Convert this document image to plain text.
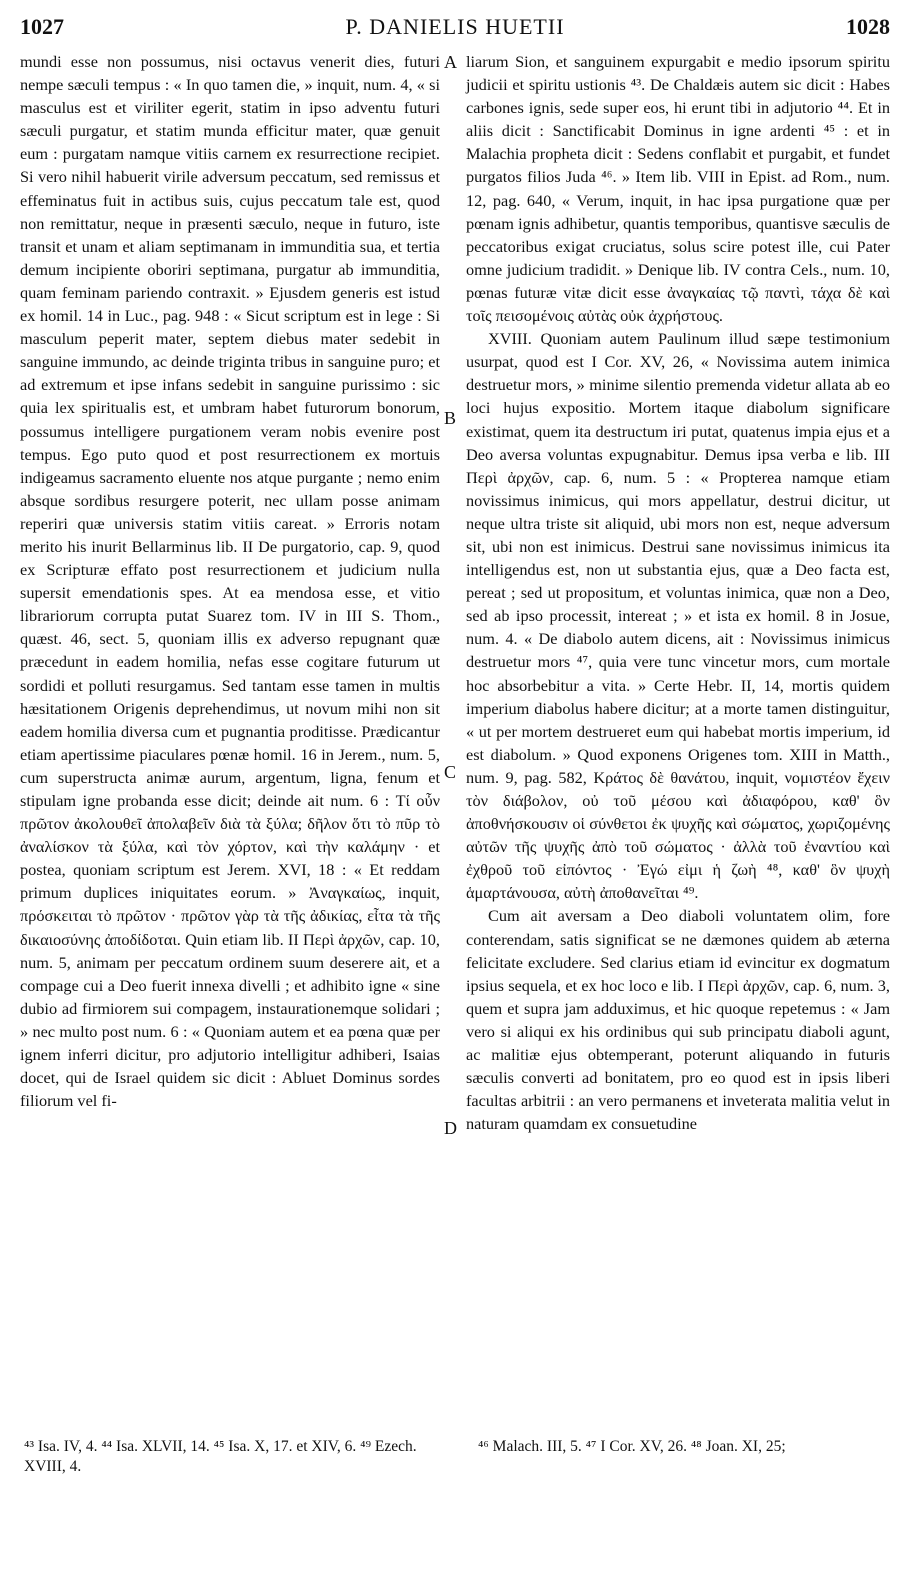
1027	P. DANIELIS HUETII	1028

mundi esse non possumus, nisi octavus venerit dies, futuri nempe sæculi tempus : « In quo tamen die, » inquit, num. 4, « si masculus est et viriliter egerit, statim in ipso adventu futuri sæculi purgatur, et statim munda efficitur mater, quæ genuit eum : purgatam namque vitiis carnem ex resurrectione recipiet. Si vero nihil habuerit virile adversum peccatum, sed remissus et effeminatus fuit in actibus suis, cujus peccatum tale est, quod non remittatur, neque in præsenti sæculo, neque in futuro, iste transit et unam et aliam septimanam in immunditia sua, et tertia demum incipiente oboriri septimana, purgatur ab immunditia, quam feminam pariendo contraxit. » Ejusdem generis est istud ex homil. 14 in Luc., pag. 948 : « Sicut scriptum est in lege : Si masculum peperit mater, septem diebus mater sedebit in sanguine immundo, ac deinde triginta tribus in sanguine puro; et ad extremum et ipse infans sedebit in sanguine purissimo : sic quia lex spiritualis est, et umbram habet futurorum bonorum, possumus intelligere purgationem veram nobis evenire post tempus. Ego puto quod et post resurrectionem ex mortuis indigeamus sacramento eluente nos atque purgante ; nemo enim absque sordibus resurgere poterit, nec ullam posse animam reperiri quæ universis statim vitiis careat. » Erroris notam merito his inurit Bellarminus lib. II De purgatorio, cap. 9, quod ex Scripturæ effato post resurrectionem et judicium nulla supersit emendationis spes. At ea mendosa esse, et vitio librariorum corrupta putat Suarez tom. IV in III S. Thom., quæst. 46, sect. 5, quoniam illis ex adverso repugnant quæ præcedunt in eadem homilia, nefas esse cogitare futurum ut sordidi et polluti resurgamus. Sed tantam esse tamen in multis hæsitationem Origenis deprehendimus, ut novum mihi non sit eadem homilia diversa cum et pugnantia proditisse. Prædicantur etiam apertissime piaculares pœnæ homil. 16 in Jerem., num. 5, cum superstructa animæ aurum, argentum, ligna, fenum et stipulam igne probanda esse dicit; deinde ait num. 6 : Τί οὖν πρῶτον ἀκολουθεῖ ἀπολαβεῖν διὰ τὰ ξύλα; δῆλον ὅτι τὸ πῦρ τὸ ἀναλίσκον τὰ ξύλα, καὶ τὸν χόρτον, καὶ τὴν καλάμην · et postea, quoniam scriptum est Jerem. XVI, 18 : « Et reddam primum duplices iniquitates eorum. » Ἀναγκαίως, inquit, πρόσκειται τὸ πρῶτον · πρῶτον γὰρ τὰ τῆς ἀδικίας, εἶτα τὰ τῆς δικαιοσύνης ἀποδίδοται. Quin etiam lib. II Περὶ ἀρχῶν, cap. 10, num. 5, animam per peccatum ordinem suum deserere ait, et a compage cui a Deo fuerit innexa divelli ; et adhibito igne « sine dubio ad firmiorem sui compagem, instaurationemque solidari ; » nec multo post num. 6 : « Quoniam autem et ea pœna quæ per ignem inferri dicitur, pro adjutorio intelligitur adhiberi, Isaias docet, qui de Israel quidem sic dicit : Abluet Dominus sordes filiorum vel fi-

A
B
C
D

liarum Sion, et sanguinem expurgabit e medio ipsorum spiritu judicii et spiritu ustionis ⁴³. De Chaldæis autem sic dicit : Habes carbones ignis, sede super eos, hi erunt tibi in adjutorio ⁴⁴. Et in aliis dicit : Sanctificabit Dominus in igne ardenti ⁴⁵ : et in Malachia propheta dicit : Sedens conflabit et purgabit, et fundet purgatos filios Juda ⁴⁶. » Item lib. VIII in Epist. ad Rom., num. 12, pag. 640, « Verum, inquit, in hac ipsa purgatione quæ per pœnam ignis adhibetur, quantis temporibus, quantisve sæculis de peccatoribus exigat cruciatus, solus scire potest ille, cui Pater omne judicium tradidit. » Denique lib. IV contra Cels., num. 10, pœnas futuræ vitæ dicit esse ἀναγκαίας τῷ παντὶ, τάχα δὲ καὶ τοῖς πεισομένοις αὐτὰς οὐκ ἀχρήστους.

XVIII. Quoniam autem Paulinum illud sæpe testimonium usurpat, quod est I Cor. XV, 26, « Novissima autem inimica destruetur mors, » minime silentio premenda videtur allata ab eo loci hujus expositio. Mortem itaque diabolum significare existimat, quem ita destructum iri putat, quatenus impia ejus et a Deo aversa voluntas expugnabitur. Demus ipsa verba e lib. III Περὶ ἀρχῶν, cap. 6, num. 5 : « Propterea namque etiam novissimus inimicus, qui mors appellatur, destrui dicitur, ut neque ultra triste sit aliquid, ubi mors non est, neque adversum sit, ubi non est inimicus. Destrui sane novissimus inimicus ita intelligendus est, non ut substantia ejus, quæ a Deo facta est, pereat ; sed ut propositum, et voluntas inimica, quæ non a Deo, sed ab ipso processit, intereat ; » et ista ex homil. 8 in Josue, num. 4. « De diabolo autem dicens, ait : Novissimus inimicus destruetur mors ⁴⁷, quia vere tunc vincetur mors, cum mortale hoc absorbebitur a vita. » Certe Hebr. II, 14, mortis quidem imperium diabolus habere dicitur; at a morte tamen distinguitur, « ut per mortem destrueret eum qui habebat mortis imperium, id est diabolum. » Quod exponens Origenes tom. XIII in Matth., num. 9, pag. 582, Κράτος δὲ θανάτου, inquit, νομιστέον ἔχειν τὸν διάβολον, οὐ τοῦ μέσου καὶ ἀδιαφόρου, καθ' ὃν ἀποθνήσκουσιν οἱ σύνθετοι ἐκ ψυχῆς καὶ σώματος, χωριζομένης αὐτῶν τῆς ψυχῆς ἀπὸ τοῦ σώματος · ἀλλὰ τοῦ ἐναντίου καὶ ἐχθροῦ τοῦ εἰπόντος · Ἐγώ εἰμι ἡ ζωὴ ⁴⁸, καθ' ὃν ψυχὴ ἁμαρτάνουσα, αὐτὴ ἀποθανεῖται ⁴⁹.

Cum ait aversam a Deo diaboli voluntatem olim, fore conterendam, satis significat se ne dæmones quidem ab æterna felicitate excludere. Sed clarius etiam id evincitur ex dogmatum ipsius sequela, et ex hoc loco e lib. I Περὶ ἀρχῶν, cap. 6, num. 3, quem et supra jam adduximus, et hic quoque repetemus : « Jam vero si aliqui ex his ordinibus qui sub principatu diaboli agunt, ac malitiæ ejus obtemperant, poterunt aliquando in futuris sæculis converti ad bonitatem, pro eo quod est in ipsis liberi facultas arbitrii : an vero permanens et inveterata malitia velut in naturam quamdam ex consuetudine

⁴³ Isa. IV, 4. ⁴⁴ Isa. XLVII, 14. ⁴⁵ Isa. X, 17. et XIV, 6. ⁴⁹ Ezech. XVIII, 4.
⁴⁶ Malach. III, 5. ⁴⁷ I Cor. XV, 26. ⁴⁸ Joan. XI, 25;
